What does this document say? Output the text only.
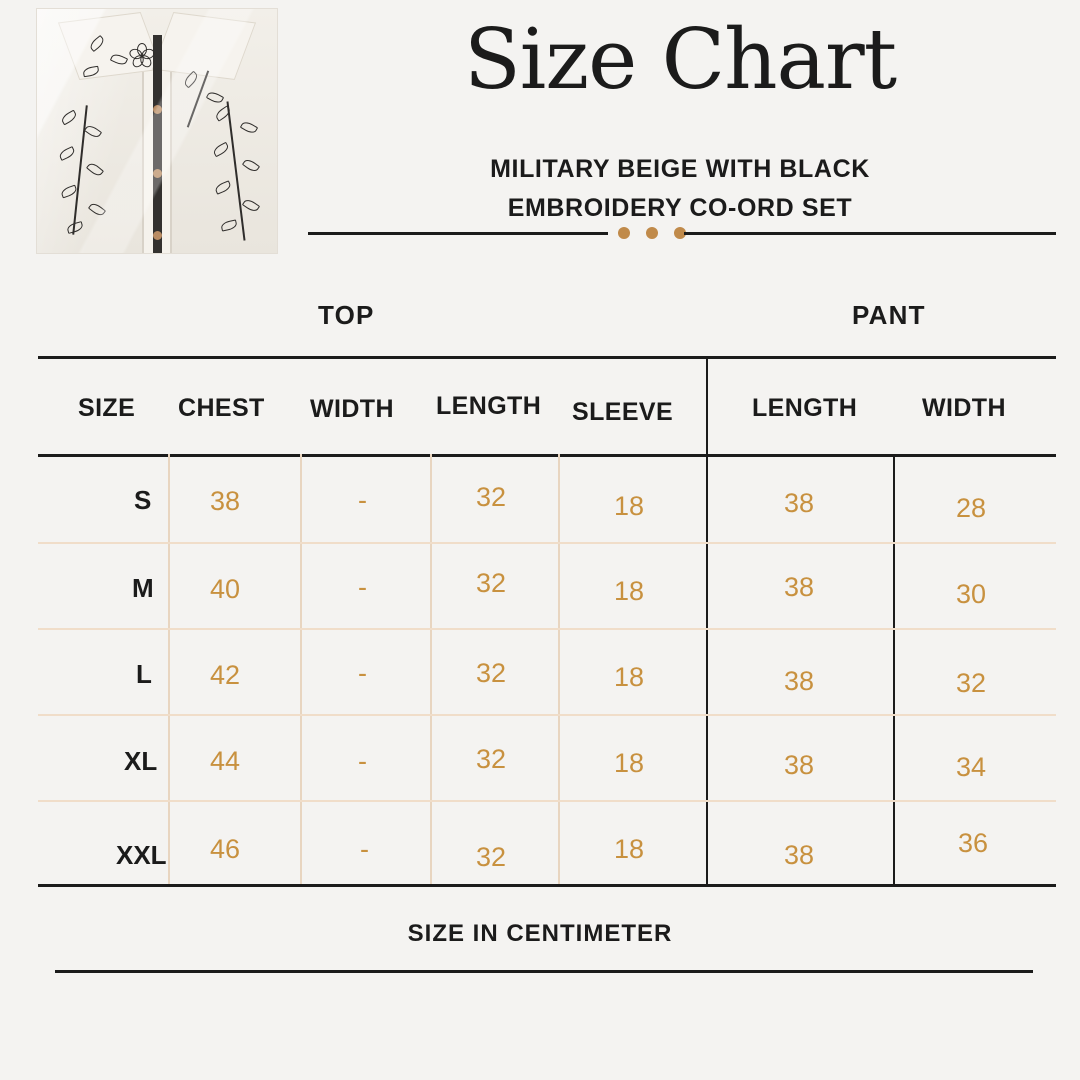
Size Chart
MILITARY BEIGE WITH BLACK
EMBROIDERY CO-ORD SET
TOP	PANT
SIZE CHEST WIDTH LENGTH SLEEVE	LENGTH	WIDTH
S 38	-	32	18	38	28
M 40	-	32	18	38	30
L 42	-	32	18	38	32
XL 44	-	32	18	38	34
XXL 46	-	32	18	38	36
SIZE IN CENTIMETER
